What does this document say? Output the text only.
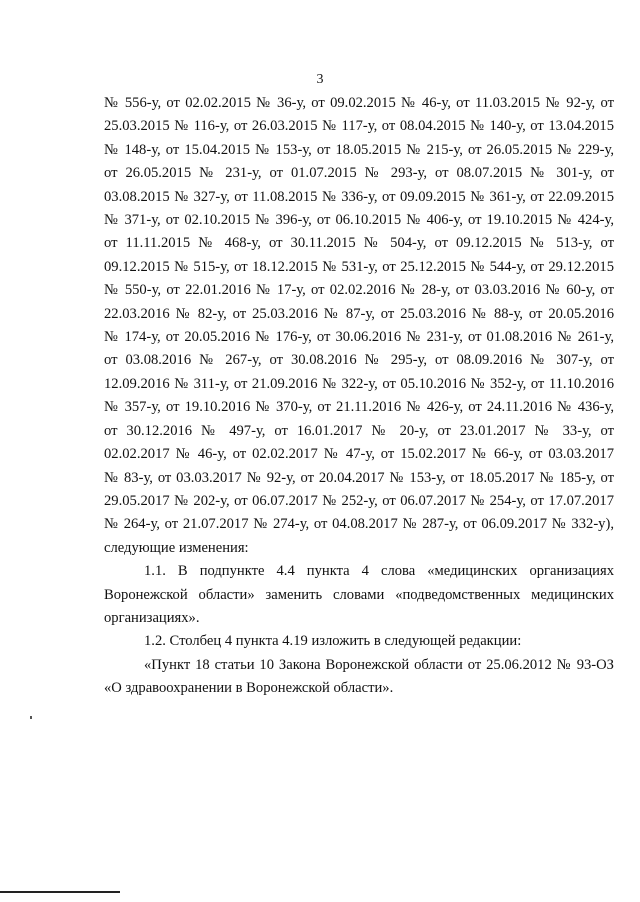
3
№ 556-у, от 02.02.2015 № 36-у, от 09.02.2015 № 46-у, от 11.03.2015 № 92-у, от
25.03.2015 № 116-у, от 26.03.2015 № 117-у, от 08.04.2015 № 140-у, от 13.04.2015
№ 148-у, от 15.04.2015 № 153-у, от 18.05.2015 № 215-у, от 26.05.2015 № 229-у,
от 26.05.2015 № 231-у, от 01.07.2015 № 293-у, от 08.07.2015 № 301-у, от
03.08.2015 № 327-у, от 11.08.2015 № 336-у, от 09.09.2015 № 361-у, от 22.09.2015
№ 371-у, от 02.10.2015 № 396-у, от 06.10.2015 № 406-у, от 19.10.2015 № 424-у,
от 11.11.2015 № 468-у, от 30.11.2015 № 504-у, от 09.12.2015 № 513-у, от
09.12.2015 № 515-у, от 18.12.2015 № 531-у, от 25.12.2015 № 544-у, от 29.12.2015
№ 550-у, от 22.01.2016 № 17-у, от 02.02.2016 № 28-у, от 03.03.2016 № 60-у, от
22.03.2016 № 82-у, от 25.03.2016 № 87-у, от 25.03.2016 № 88-у, от 20.05.2016
№ 174-у, от 20.05.2016 № 176-у, от 30.06.2016 № 231-у, от 01.08.2016 № 261-у,
от 03.08.2016 № 267-у, от 30.08.2016 № 295-у, от 08.09.2016 № 307-у, от
12.09.2016 № 311-у, от 21.09.2016 № 322-у, от 05.10.2016 № 352-у, от 11.10.2016
№ 357-у, от 19.10.2016 № 370-у, от 21.11.2016 № 426-у, от 24.11.2016 № 436-у,
от 30.12.2016 № 497-у, от 16.01.2017 № 20-у, от 23.01.2017 № 33-у, от
02.02.2017 № 46-у, от 02.02.2017 № 47-у, от 15.02.2017 № 66-у, от 03.03.2017
№ 83-у, от 03.03.2017 № 92-у, от 20.04.2017 № 153-у, от 18.05.2017 № 185-у, от
29.05.2017 № 202-у, от 06.07.2017 № 252-у, от 06.07.2017 № 254-у, от 17.07.2017
№ 264-у, от 21.07.2017 № 274-у, от 04.08.2017 № 287-у, от 06.09.2017 № 332-у),
следующие изменения:
1.1. В подпункте 4.4 пункта 4 слова «медицинских организациях
Воронежской области» заменить словами «подведомственных медицинских
организациях».
1.2. Столбец 4 пункта 4.19 изложить в следующей редакции:
«Пункт 18 статьи 10 Закона Воронежской области от 25.06.2012 № 93-ОЗ
«О здравоохранении в Воронежской области».
